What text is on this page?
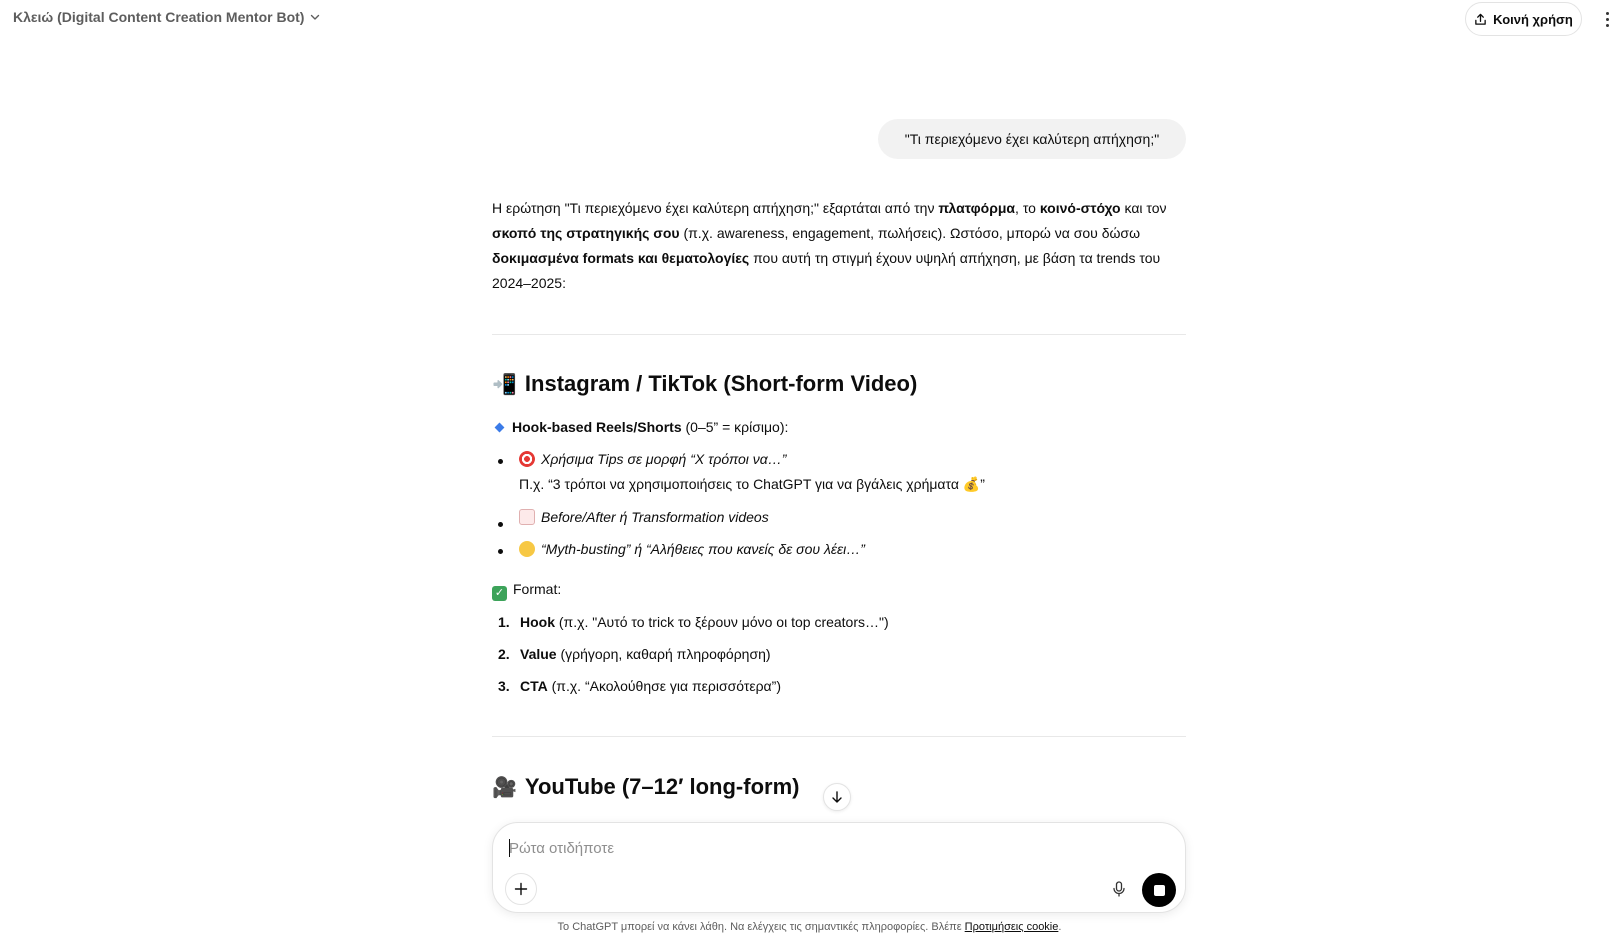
Κλειώ (Digital Content Creation Mentor Bot)	Κοινή χρήση
"Τι περιεχόμενο έχει καλύτερη απήχηση;"
Η ερώτηση "Τι περιεχόμενο έχει καλύτερη απήχηση;" εξαρτάται από την πλατφόρμα, το κοινό-στόχο και τον σκοπό της στρατηγικής σου (π.χ. awareness, engagement, πωλήσεις). Ωστόσο, μπορώ να σου δώσω δοκιμασμένα formats και θεματολογίες που αυτή τη στιγμή έχουν υψηλή απήχηση, με βάση τα trends του 2024–2025:
📲 Instagram / TikTok (Short-form Video)
Hook-based Reels/Shorts (0–5” = κρίσιμο):
Χρήσιμα Tips σε μορφή “Χ τρόποι να…”
Π.χ. “3 τρόποι να χρησιμοποιήσεις το ChatGPT για να βγάλεις χρήματα 💰”
Before/After ή Transformation videos
“Myth-busting” ή “Αλήθειες που κανείς δε σου λέει…”
✓ Format:
1. Hook (π.χ. "Αυτό το trick το ξέρουν μόνο οι top creators…")
2. Value (γρήγορη, καθαρή πληροφόρηση)
3. CTA (π.χ. “Ακολούθησε για περισσότερα”)
🎥 YouTube (7–12′ long-form)
Ρώτα οτιδήποτε
Το ChatGPT μπορεί να κάνει λάθη. Να ελέγχεις τις σημαντικές πληροφορίες. Βλέπε Προτιμήσεις cookie.
